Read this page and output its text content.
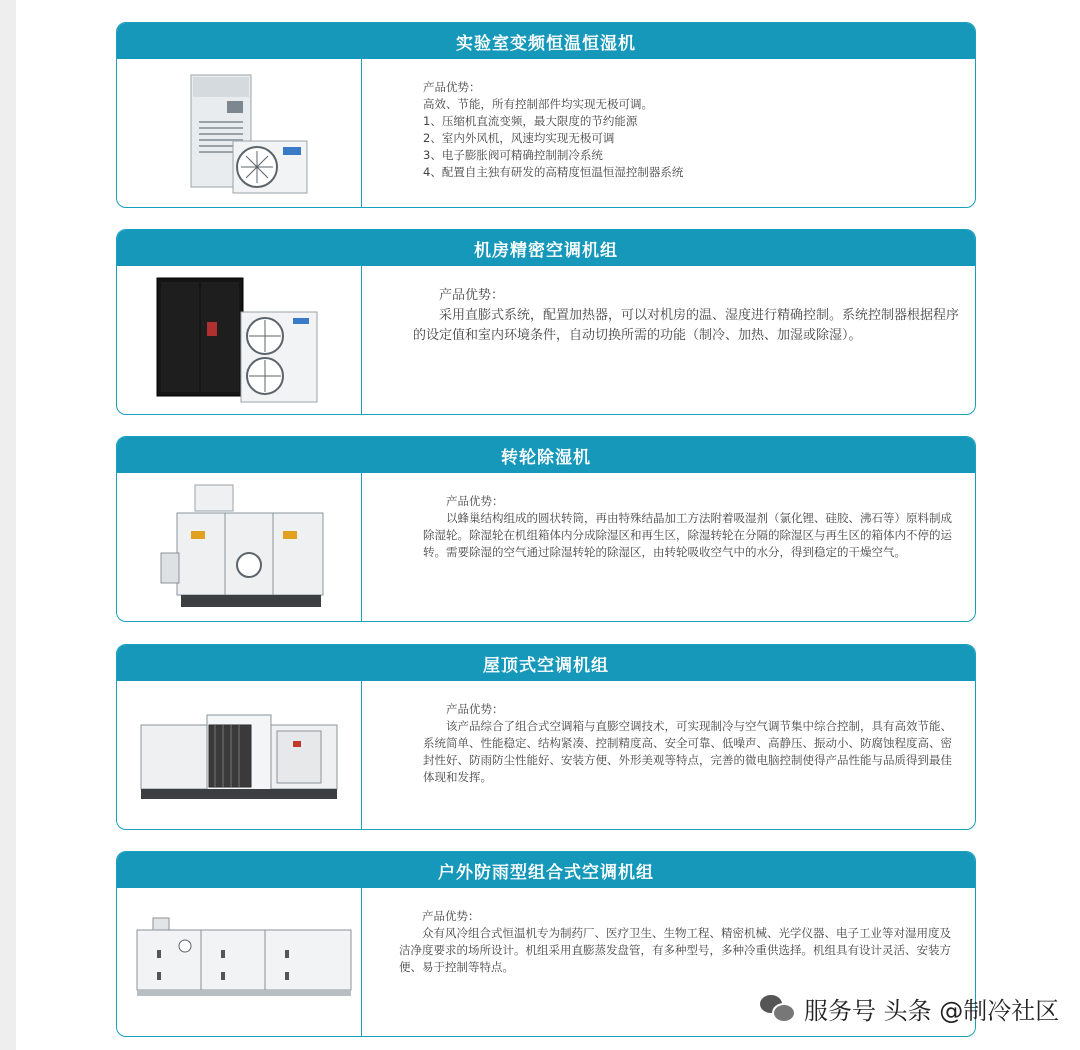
实验室变频恒温恒湿机

产品优势：

高效、节能，所有控制部件均实现无极可调。

1、压缩机直流变频，最大限度的节约能源

2、室内外风机，风速均实现无极可调

3、电子膨胀阀可精确控制制冷系统

4、配置自主独有研发的高精度恒温恒湿控制器系统

机房精密空调机组

产品优势：

采用直膨式系统，配置加热器，可以对机房的温、湿度进行精确控制。系统控制器根据程序的设定值和室内环境条件，自动切换所需的功能（制冷、加热、加湿或除湿）。

转轮除湿机

产品优势：

以蜂巢结构组成的圆状转筒，再由特殊结晶加工方法附着吸湿剂（氯化锂、硅胶、沸石等）原料制成除湿轮。除湿轮在机组箱体内分成除湿区和再生区，除湿转轮在分隔的除湿区与再生区的箱体内不停的运转。需要除湿的空气通过除湿转轮的除湿区，由转轮吸收空气中的水分，得到稳定的干燥空气。

屋顶式空调机组

产品优势：

该产品综合了组合式空调箱与直膨空调技术，可实现制冷与空气调节集中综合控制，具有高效节能、系统简单、性能稳定、结构紧凑、控制精度高、安全可靠、低噪声、高静压、振动小、防腐蚀程度高、密封性好、防雨防尘性能好、安装方便、外形美观等特点，完善的微电脑控制使得产品性能与品质得到最佳体现和发挥。

户外防雨型组合式空调机组

产品优势：

众有风冷组合式恒温机专为制药厂、医疗卫生、生物工程、精密机械、光学仪器、电子工业等对湿用度及洁净度要求的场所设计。机组采用直膨蒸发盘管，有多种型号，多种冷重供选择。机组具有设计灵活、安装方便、易于控制等特点。

服务号 头条 @制冷社区
